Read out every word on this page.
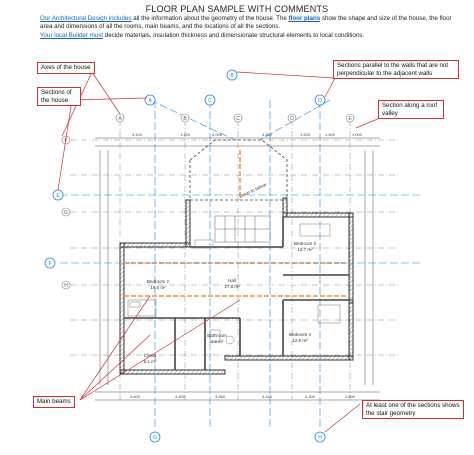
FLOOR PLAN SAMPLE WITH COMMENTS
Our Architectural Design includes all the information about the geometry of the house. The floor plans show the shape and size of the house, the floor area and dimensions of all the rooms, main beams, and the locations of all the sections.
Your local Builder must decide materials, insulation thickness and dimensionate structural elements to local conditions.
4.400	1.420	4.000	4.400	1.200	1.400	1.000
4.600	4.400	3.560	4.440	4.300	1.500
Down to below
Bedroom 2
19.5 m²
Hall
27.8 m²
Bedroom 3
12.7 m²
Bedroom 4
12.8 m²
Bathroom
4.8 m²
Closet
6.1 m²
A	B	C	D	E
F
G
H
A
B
C	D
E
F
G	H
Axes of the house
Sections of the house
Sections parallel to the walls that are not perpendicular to the adjacent walls
Section along a roof valley
Main beams
At least one of the sections shows the stair geometry
